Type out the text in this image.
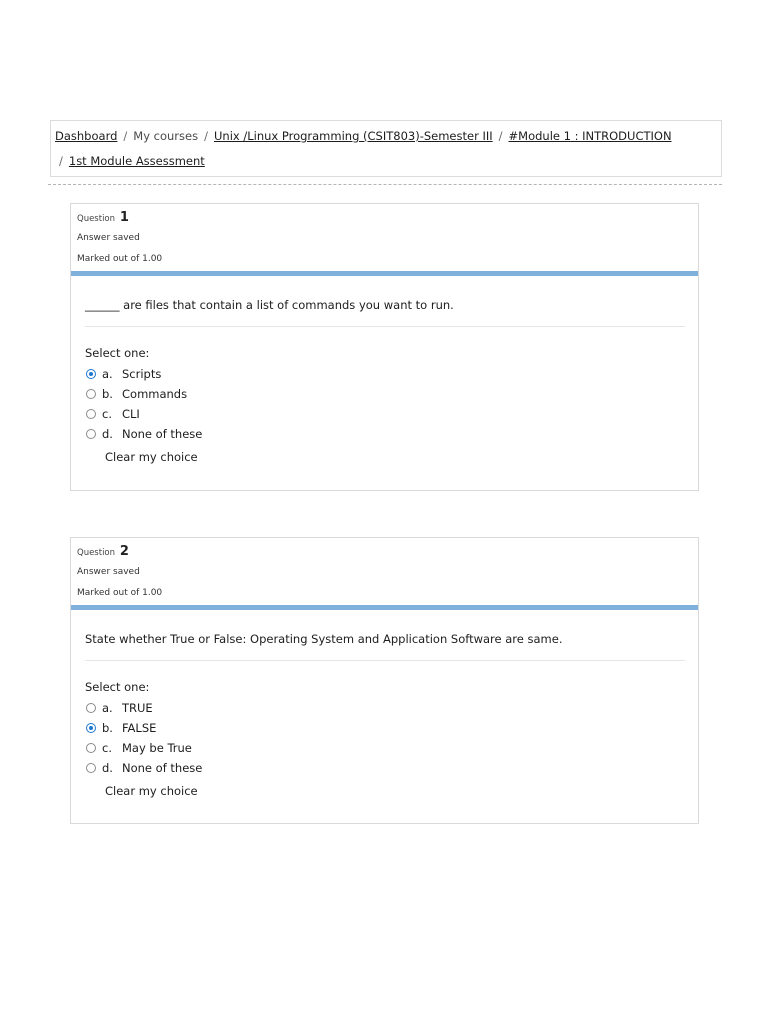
Dashboard / My courses / Unix /Linux Programming (CSIT803)-Semester III / #Module 1 : INTRODUCTION
/ 1st Module Assessment
Question 1
Answer saved
Marked out of 1.00
______ are files that contain a list of commands you want to run.
Select one:
a. Scripts
b. Commands
c. CLI
d. None of these
Clear my choice
Question 2
Answer saved
Marked out of 1.00
State whether True or False: Operating System and Application Software are same.
Select one:
a. TRUE
b. FALSE
c. May be True
d. None of these
Clear my choice
